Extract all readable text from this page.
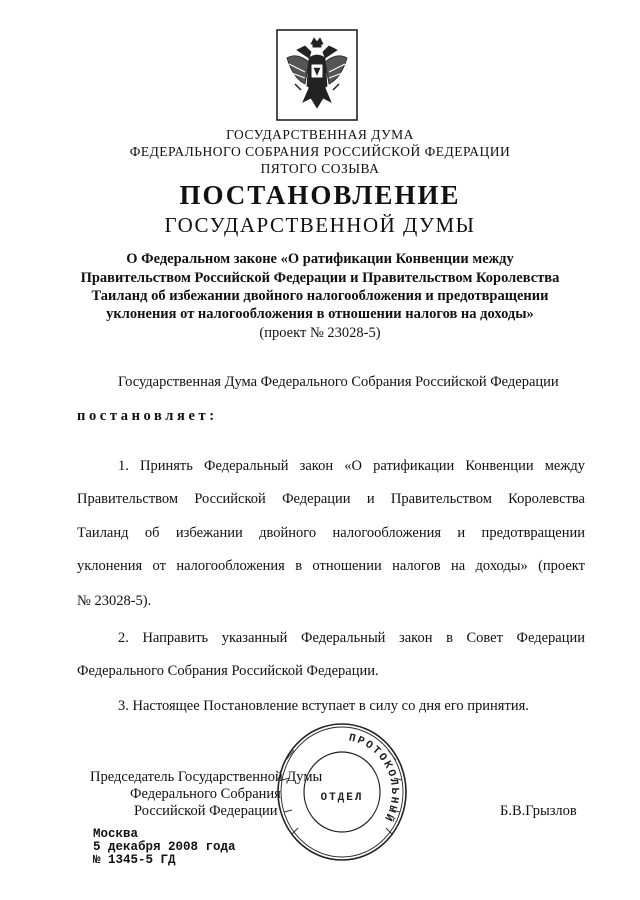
ГОСУДАРСТВЕННАЯ ДУМА
ФЕДЕРАЛЬНОГО СОБРАНИЯ РОССИЙСКОЙ ФЕДЕРАЦИИ
ПЯТОГО СОЗЫВА
ПОСТАНОВЛЕНИЕ
ГОСУДАРСТВЕННОЙ ДУМЫ
О Федеральном законе «О ратификации Конвенции между
Правительством Российской Федерации и Правительством Королевства
Таиланд об избежании двойного налогообложения и предотвращении
уклонения от налогообложения в отношении налогов на доходы»
(проект № 23028-5)
Государственная Дума Федерального Собрания Российской Федерации
постановляет:
1. Принять Федеральный закон «О ратификации Конвенции между
Правительством Российской Федерации и Правительством Королевства
Таиланд об избежании двойного налогообложения и предотвращении
уклонения от налогообложения в отношении налогов на доходы» (проект
№ 23028-5).
2. Направить указанный Федеральный закон в Совет Федерации
Федерального Собрания Российской Федерации.
3. Настоящее Постановление вступает в силу со дня его принятия.
Председатель Государственной Думы
Федерального Собрания
Российской Федерации	Б.В.Грызлов
ПРОТОКОЛЬНЫЙ
ОТДЕЛ
Москва
5 декабря 2008 года
№ 1345-5 ГД
